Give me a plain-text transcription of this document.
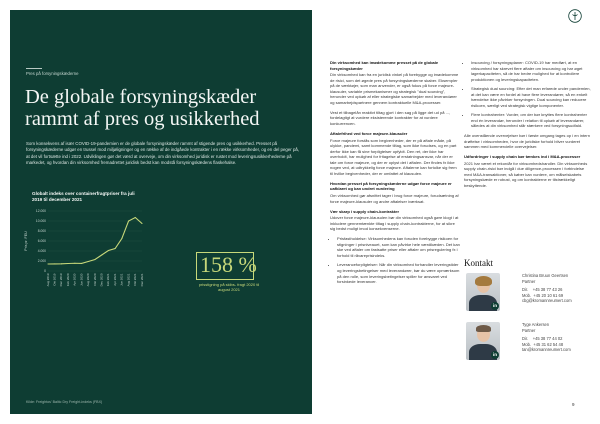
Pres på forsyningskæderne
De globale forsyningskæder rammt af pres og usikkerhed

Som konsekvens af især COVID-19-pandemien er de globale forsyningskæder rammt af stigende pres og usikkerhed. Presset på forsyningskæderne udgør en trussel mod miljøligninger og en række af de indgåede kontrakter i en række virksomheder, og en del peger på, at det vil fortsætte ind i 2022. Udviklingen gør det værd at overveje, om din virksomhed juridisk er rustet mod leveringsusikkerhederne på markedet, og hvordan din virksomhed fremadrettet juridisk bedst kan modstå forsyningskædens flaskehalse.

Globalt indeks over containerfragtpriser fra juli 2019 til december 2021
Pris pr. FEU
0
2.000
4.000
6.000
8.000
10.000
12.000
Aug 2019 Okt 2019 Dec 2019 Feb 2020 Apr 2020 Jun 2020 Aug 2020 Okt 2020 Dec 2020 Feb 2021 Apr 2021 Jun 2021 Aug 2021 Okt 2021 Dec 2021
158 %
prisstigning på skibs- fragt 2020 til august 2021
Kilde: Freightos' Baltic Dry Freight-indeks (FBX)

Din virksomhed kan imødekomme presset på de globale forsyningskæder

Din virksomhed kan fra en juridisk vinkel på forebygge og imødekomme de risici, som det øgede pres på forsyningskæderne skaber. Eksempler på de værktøjer, som man anvender, er også fokus på force majeure-klausuler, variable prismekanismer og strategisk "dual sourcing", herunder ved opkøb af eller strategiske samarbejder med leverandører og samarbejdspartnere gennem kontraktuelle M&A-processer.

Vest et tilbagelån reaktivt tiltag gjort i den sag på ligge det ud på ..., fordelagtigt at vurdere eksisterende kontrakter for at vurdere konkurrencen.

Aftalefrihed ved force majeure-klausuler

Force majeure forstås som begivenheder, der er på aftale måde, på ulykke, pandemi, samt kommende tiltag, som ikke forudses, og en part derfor ikke kan få sine forpligtelser opfyldt. Den ret, der ikke har overholdt, har mulighed for fritagelse af erstatningsansvar, når der er tale om force majeure, og der er oplyst det i aftalen. Der findes fx ikke nogen ved, at udtrykkelig force majeure. Aftalerne kan fortolke sig frem til hvilke begivenheder, der er omfattet af klausulen.

Hvordan presset på forsyningskæderne udgør force majeure er uafklaret og kan undret vurdering

Om virksomhed gør afsnittet tager i brug force majeure, forudsætning af force majeure-klausuler og andre aftalelser iværksat.

Vær skarp i supply chain-kontrakter

Udover force majeure-klausulen bør din virksomhed også gøre klogt i at inkludere gennemtænkte tiltag i supply chain-kontrakterne, for at sikre sig bedst muligt imod konsekvenserne.

• Prisfastholdelse: Virksomhedens kan foruden forebygge risikoen for stigninger i prisniveauet, som kan påvirke hele værdikæden. Det kan ske ved aftaler om fastsatte priser eller aftaler om prisregulering fx i forhold til råvareprisindeks.
• Leveranceforpligtelser: Når din virksomhed forhandler leveringstider og leveringsbetingelser med leverandører, bør du være opmærksom på den rolle, som leveringsbetingelser spiller for ansvaret ved forsinkede leverancer.
• Insourcing / forsyningsplaner: COVID-19 har medført, at en virksomhed har skrevet flere aftaler om insourcing og har øget lagerkapaciteten, så de har bedre mulighed for at kontrollere produktionen og leveringskapaciteten.
• Strategisk dual sourcing: Efter det man erfarede under pandemien, at det kan være en fordel at have flere leverandører, så en enkelt hændelse ikke påvirker forsyningen. Dual sourcing kan reducere risikoen, særligt ved strategisk vigtige komponenter.
• Flere kontrahenter: Vurder, om der bør knyttes flere kontrahenter end én leverandør, herunder i relation til opkøb af leverandører, således at din virksomhed står stærkere ved forsyningsudfald.

Alle ovenstående overvejelser bør i første omgang tages op i en intern drøftelse i virksomheden, hvor de juridiske forhold bliver vurderet sammen med kommercielle overvejelser.

Udfordringer i supply chain bør tænkes ind i M&A-processer

2021 har været et rekordår for virksomhedshandler. Din virksomheds supply chain-risici bør indgå i due diligence-processen i forbindelse med M&A-transaktioner, så køber kan vurdere, om målselskabets forsyningskæde er robust, og om kontrakterne er tilstrækkeligt beskyttende.

Kontakt
in
Christina Bruun Geertsen
Partner
Dir. +45 38 77 43 26
Mob. +45 20 10 61 69
cbg@kromannreumert.com
in
Tyge Ankersen
Partner
Dir. +45 38 77 44 02
Mob. +45 31 62 54 48
tan@kromannreumert.com
9
